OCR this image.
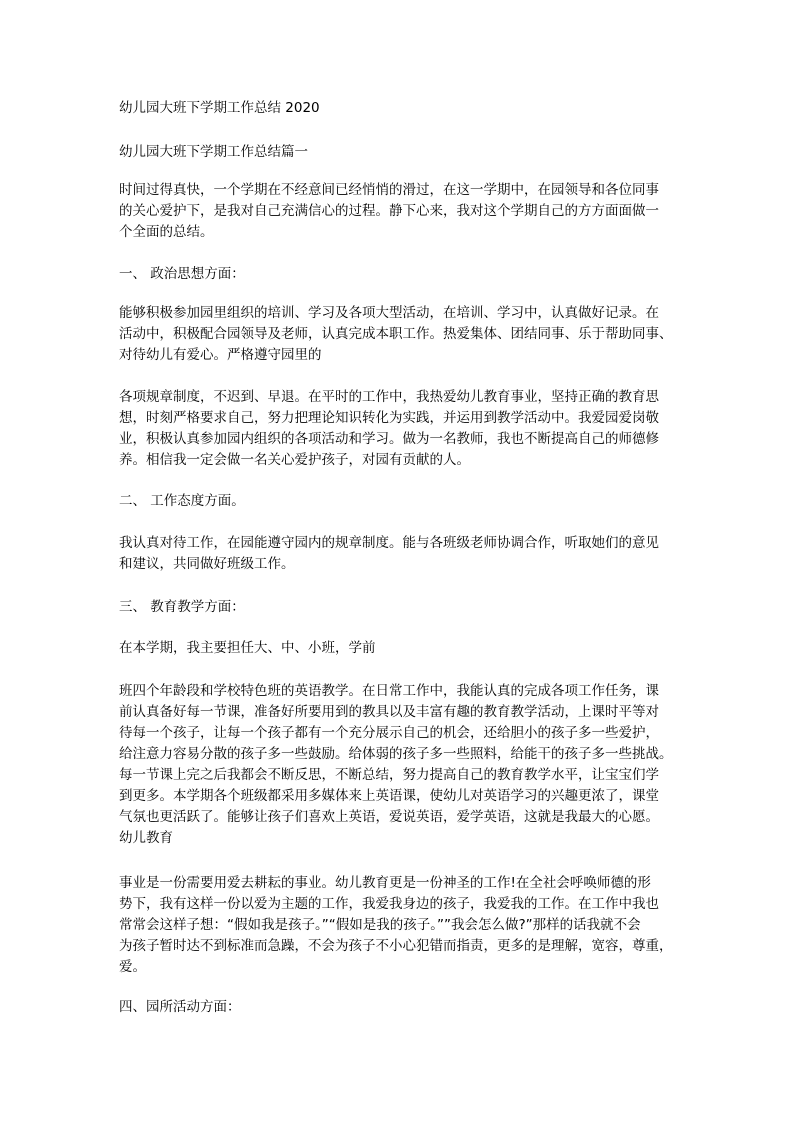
幼儿园大班下学期工作总结 2020
幼儿园大班下学期工作总结篇一
时间过得真快，一个学期在不经意间已经悄悄的滑过，在这一学期中，在园领导和各位同事
的关心爱护下，是我对自己充满信心的过程。静下心来，我对这个学期自己的方方面面做一
个全面的总结。
一、 政治思想方面：
能够积极参加园里组织的培训、学习及各项大型活动，在培训、学习中，认真做好记录。在
活动中，积极配合园领导及老师，认真完成本职工作。热爱集体、团结同事、乐于帮助同事、
对待幼儿有爱心。严格遵守园里的
各项规章制度，不迟到、早退。在平时的工作中，我热爱幼儿教育事业，坚持正确的教育思
想，时刻严格要求自己，努力把理论知识转化为实践，并运用到教学活动中。我爱园爱岗敬
业，积极认真参加园内组织的各项活动和学习。做为一名教师，我也不断提高自己的师德修
养。相信我一定会做一名关心爱护孩子，对园有贡献的人。
二、 工作态度方面。
我认真对待工作，在园能遵守园内的规章制度。能与各班级老师协调合作，听取她们的意见
和建议，共同做好班级工作。
三、 教育教学方面：
在本学期，我主要担任大、中、小班，学前
班四个年龄段和学校特色班的英语教学。在日常工作中，我能认真的完成各项工作任务，课
前认真备好每一节课，准备好所要用到的教具以及丰富有趣的教育教学活动，上课时平等对
待每一个孩子，让每一个孩子都有一个充分展示自己的机会，还给胆小的孩子多一些爱护，
给注意力容易分散的孩子多一些鼓励。给体弱的孩子多一些照料，给能干的孩子多一些挑战。
每一节课上完之后我都会不断反思，不断总结，努力提高自己的教育教学水平，让宝宝们学
到更多。本学期各个班级都采用多媒体来上英语课，使幼儿对英语学习的兴趣更浓了，课堂
气氛也更活跃了。能够让孩子们喜欢上英语，爱说英语，爱学英语，这就是我最大的心愿。
幼儿教育
事业是一份需要用爱去耕耘的事业。幼儿教育更是一份神圣的工作!在全社会呼唤师德的形
势下，我有这样一份以爱为主题的工作，我爱我身边的孩子，我爱我的工作。在工作中我也
常常会这样子想：“假如我是孩子。”“假如是我的孩子。””我会怎么做?”那样的话我就不会
为孩子暂时达不到标准而急躁，不会为孩子不小心犯错而指责，更多的是理解，宽容，尊重，
爱。
四、园所活动方面：
